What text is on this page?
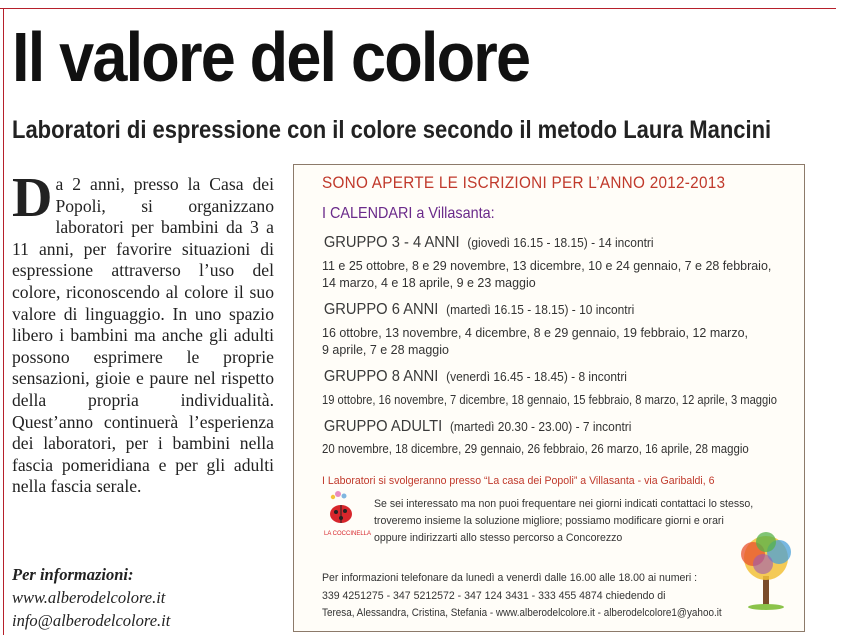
Il valore del colore
Laboratori di espressione con il colore secondo il metodo Laura Mancini
Da 2 anni, presso la Casa dei Popoli, si organizzano laboratori per bambini da 3 a 11 anni, per favorire situazioni di espressione attraverso l’uso del colore, riconoscendo al colore il suo valore di linguaggio. In uno spazio libero i bambini ma anche gli adulti possono esprimere le proprie sensazioni, gioie e paure nel rispetto della propria individualità. Quest’anno continuerà l’esperienza dei laboratori, per i bambini nella fascia pomeridiana e per gli adulti nella fascia serale.
Per informazioni:
www.alberodelcolore.it
info@alberodelcolore.it
SONO APERTE LE ISCRIZIONI PER L’ANNO 2012-2013
I CALENDARI a Villasanta:
GRUPPO 3 - 4 ANNI (giovedì 16.15 - 18.15) - 14 incontri
11 e 25 ottobre, 8 e 29 novembre, 13 dicembre, 10 e 24 gennaio, 7 e 28 febbraio,
14 marzo, 4 e 18 aprile, 9 e 23 maggio
GRUPPO 6 ANNI (martedì 16.15 - 18.15) - 10 incontri
16 ottobre, 13 novembre, 4 dicembre, 8 e 29 gennaio, 19 febbraio, 12 marzo,
9 aprile, 7 e 28 maggio
GRUPPO 8 ANNI (venerdì 16.45 - 18.45) - 8 incontri
19 ottobre, 16 novembre, 7 dicembre, 18 gennaio, 15 febbraio, 8 marzo, 12 aprile, 3 maggio
GRUPPO ADULTI (martedì 20.30 - 23.00) - 7 incontri
20 novembre, 18 dicembre, 29 gennaio, 26 febbraio, 26 marzo, 16 aprile, 28 maggio
I Laboratori si svolgeranno presso “La casa dei Popoli” a Villasanta - via Garibaldi, 6
LA COCCINELLA
Se sei interessato ma non puoi frequentare nei giorni indicati contattaci lo stesso,
troveremo insieme la soluzione migliore; possiamo modificare giorni e orari
oppure indirizzarti allo stesso percorso a Concorezzo
Per informazioni telefonare da lunedì a venerdì dalle 16.00 alle 18.00 ai numeri :
339 4251275 - 347 5212572 - 347 124 3431 - 333 455 4874 chiedendo di
Teresa, Alessandra, Cristina, Stefania - www.alberodelcolore.it - alberodelcolore1@yahoo.it
